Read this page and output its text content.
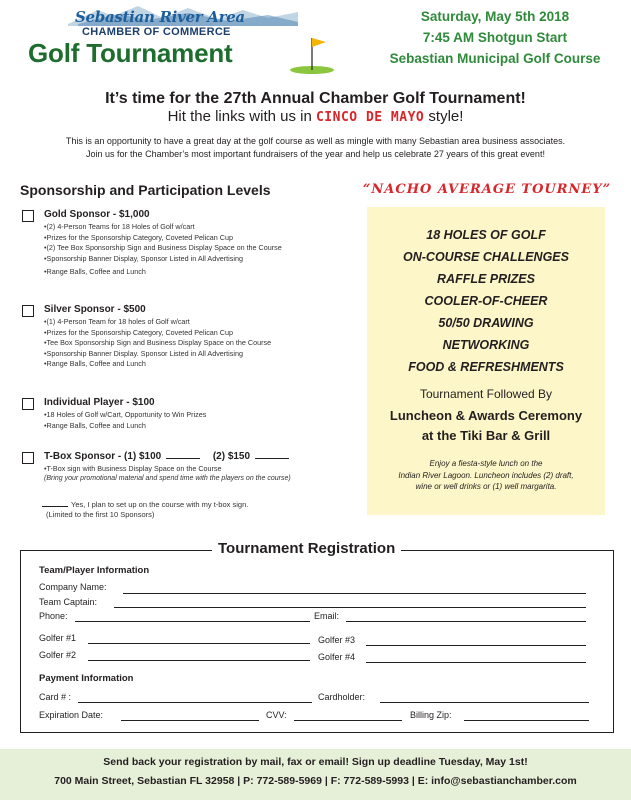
Sebastian River Area
CHAMBER OF COMMERCE
Golf Tournament
Saturday, May 5th 2018
7:45 AM Shotgun Start
Sebastian Municipal Golf Course
It’s time for the 27th Annual Chamber Golf Tournament!
Hit the links with us in CINCO DE MAYO style!
This is an opportunity to have a great day at the golf course as well as mingle with many Sebastian area business associates.
Join us for the Chamber’s most important fundraisers of the year and help us celebrate 27 years of this great event!
Sponsorship and Participation Levels
Gold Sponsor - $1,000
• (2) 4-Person Teams for 18 Holes of Golf w/cart
• Prizes for the Sponsorship Category, Coveted Pelican Cup
• (2) Tee Box Sponsorship Sign and Business Display Space on the Course
• Sponsorship Banner Display, Sponsor Listed in All Advertising
• Range Balls, Coffee and Lunch
Silver Sponsor - $500
• (1) 4-Person Team for 18 holes of Golf w/cart
• Prizes for the Sponsorship Category, Coveted Pelican Cup
• Tee Box Sponsorship Sign and Business Display Space on the Course
• Sponsorship Banner Display. Sponsor Listed in All Advertising
• Range Balls, Coffee and Lunch
Individual Player - $100
• 18 Holes of Golf w/Cart, Opportunity to Win Prizes
• Range Balls, Coffee and Lunch
T-Box Sponsor - (1) $100	(2) $150
• T-Box sign with Business Display Space on the Course
(Bring your promotional material and spend time with the players on the course)
Yes, I plan to set up on the course with my t-box sign.
(Limited to the first 10 Sponsors)
“NACHO AVERAGE TOURNEY”
18 HOLES OF GOLF
ON-COURSE CHALLENGES
RAFFLE PRIZES
COOLER-OF-CHEER
50/50 DRAWING
NETWORKING
FOOD & REFRESHMENTS
Tournament Followed By
Luncheon & Awards Ceremony
at the Tiki Bar & Grill
Enjoy a fiesta-style lunch on the
Indian River Lagoon. Luncheon includes (2) draft,
wine or well drinks or (1) well margarita.
Tournament Registration
Team/Player Information
Company Name:
Team Captain:
Phone:	Email:
Golfer #1	Golfer #3
Golfer #2	Golfer #4
Payment Information
Card # :	Cardholder:
Expiration Date:	CVV:	Billing Zip:
Send back your registration by mail, fax or email! Sign up deadline Tuesday, May 1st!
700 Main Street, Sebastian FL 32958 | P: 772-589-5969 | F: 772-589-5993 | E: info@sebastianchamber.com
